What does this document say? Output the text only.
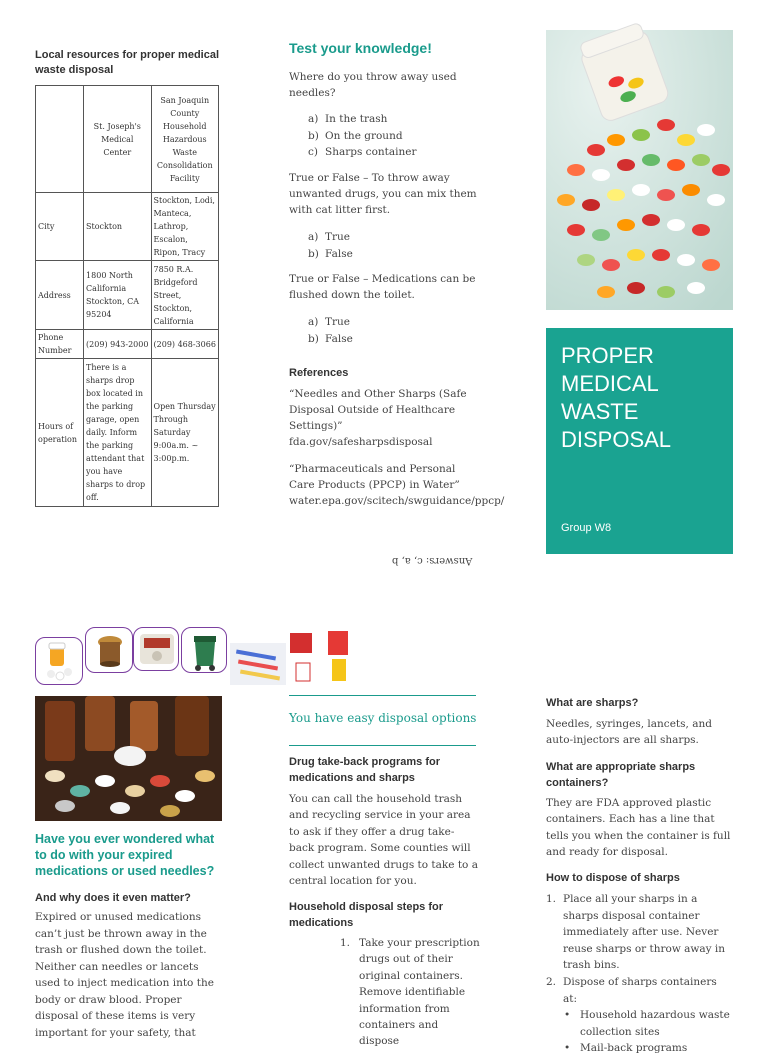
Local resources for proper medical waste disposal
	St. Joseph's Medical Center	San Joaquin County Household Hazardous Waste Consolidation Facility
City	Stockton	Stockton, Lodi, Manteca, Lathrop, Escalon, Ripon, Tracy
Address	1800 North California Stockton, CA 95204	7850 R.A. Bridgeford Street, Stockton, California
Phone Number	(209) 943-2000	(209) 468-3066
Hours of operation	There is a sharps drop box located in the parking garage, open daily. Inform the parking attendant that you have sharps to drop off.	Open Thursday Through Saturday 9:00a.m. ~ 3:00p.m.
Test your knowledge!
Where do you throw away used needles?
a) In the trash
b) On the ground
c) Sharps container
True or False – To throw away unwanted drugs, you can mix them with cat litter first.
a) True
b) False
True or False – Medications can be flushed down the toilet.
a) True
b) False
References
“Needles and Other Sharps (Safe Disposal Outside of Healthcare Settings)” fda.gov/safesharpsdisposal
“Pharmaceuticals and Personal Care Products (PPCP) in Water” water.epa.gov/scitech/swguidance/ppcp/
Answers: c, a, b
PROPER MEDICAL WASTE DISPOSAL
Group W8
Have you ever wondered what to do with your expired medications or used needles?
And why does it even matter?
Expired or unused medications can’t just be thrown away in the trash or flushed down the toilet. Neither can needles or lancets used to inject medication into the body or draw blood. Proper disposal of these items is very important for your safety, that
You have easy disposal options
Drug take-back programs for medications and sharps
You can call the household trash and recycling service in your area to ask if they offer a drug take-back program. Some counties will collect unwanted drugs to take to a central location for you.
Household disposal steps for medications
1. Take your prescription drugs out of their original containers. Remove identifiable information from containers and dispose
What are sharps?
Needles, syringes, lancets, and auto-injectors are all sharps.
What are appropriate sharps containers?
They are FDA approved plastic containers. Each has a line that tells you when the container is full and ready for disposal.
How to dispose of sharps
1. Place all your sharps in a sharps disposal container immediately after use. Never reuse sharps or throw away in trash bins.
2. Dispose of sharps containers at:
• Household hazardous waste collection sites
• Mail-back programs
